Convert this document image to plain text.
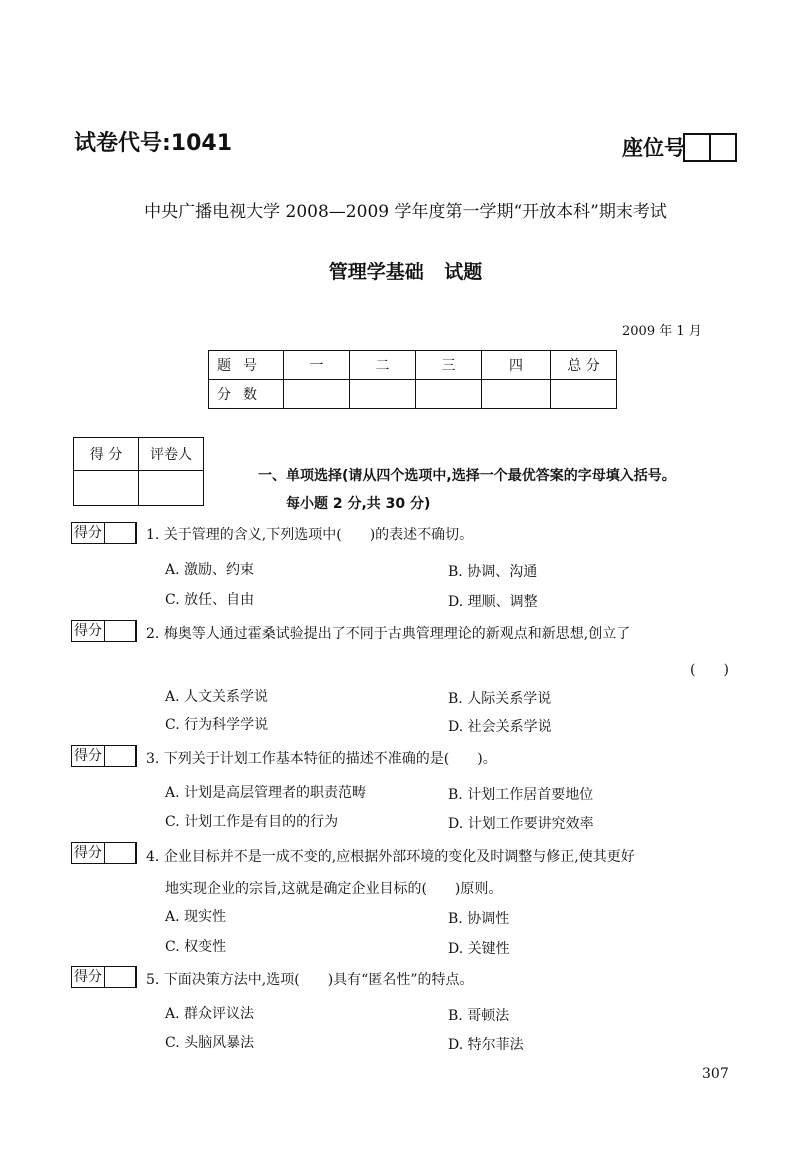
试卷代号:1041	座位号
中央广播电视大学 2008—2009 学年度第一学期“开放本科”期末考试
管理学基础 试题
2009 年 1 月
题号	一	二	三	四	总 分
分数					
得 分	评卷人

一、单项选择(请从四个选项中,选择一个最优答案的字母填入括号。
每小题 2 分,共 30 分)
得分	1. 关于管理的含义,下列选项中(　　)的表述不确切。
A. 激励、约束	B. 协调、沟通
C. 放任、自由	D. 理顺、调整
得分	2. 梅奥等人通过霍桑试验提出了不同于古典管理理论的新观点和新思想,创立了
(　　)
A. 人文关系学说	B. 人际关系学说
C. 行为科学学说	D. 社会关系学说
得分	3. 下列关于计划工作基本特征的描述不准确的是(　　)。
A. 计划是高层管理者的职责范畴	B. 计划工作居首要地位
C. 计划工作是有目的的行为	D. 计划工作要讲究效率
得分	4. 企业目标并不是一成不变的,应根据外部环境的变化及时调整与修正,使其更好
地实现企业的宗旨,这就是确定企业目标的(　　)原则。
A. 现实性	B. 协调性
C. 权变性	D. 关键性
得分	5. 下面决策方法中,选项(　　)具有“匿名性”的特点。
A. 群众评议法	B. 哥顿法
C. 头脑风暴法	D. 特尔菲法
307
